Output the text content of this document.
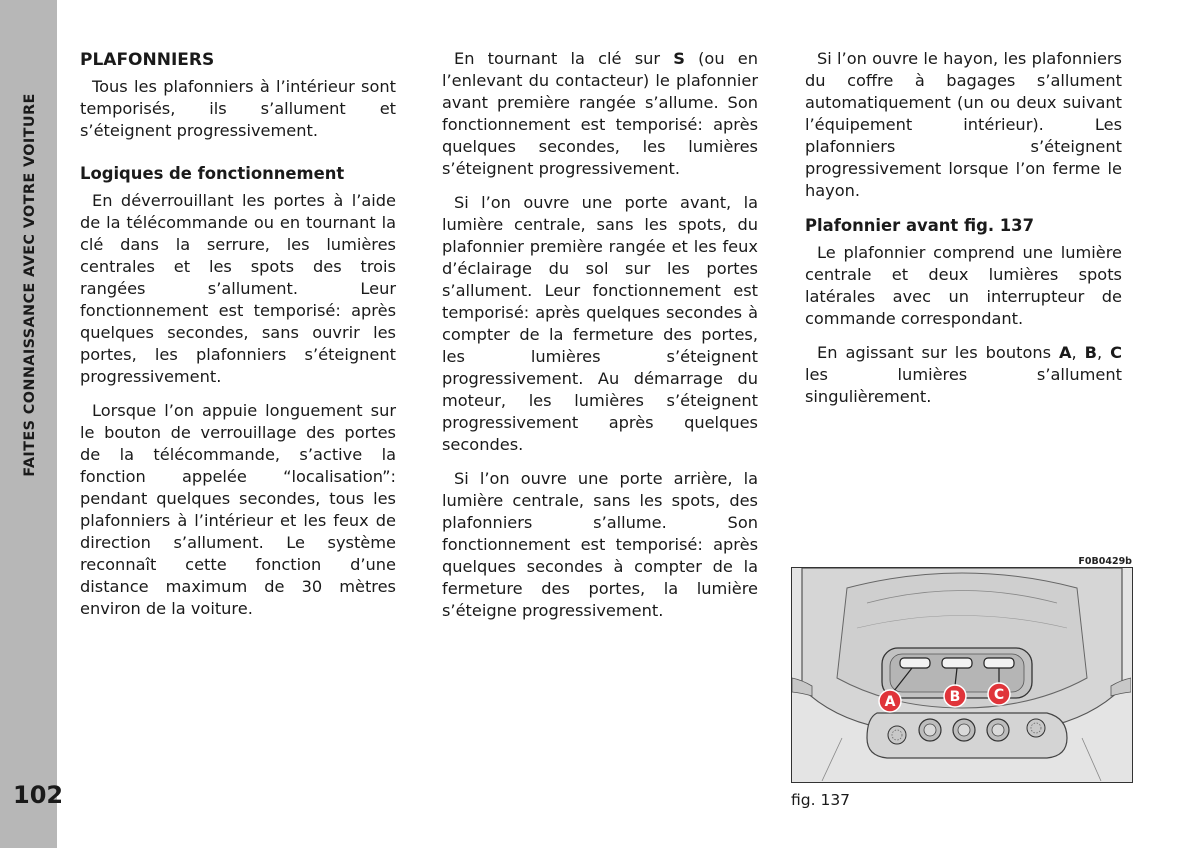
FAITES CONNAISSANCE AVEC VOTRE VOITURE
102
PLAFONNIERS

Tous les plafonniers à l’intérieur sont temporisés, ils s’allument et s’éteignent progressivement.

Logiques de fonctionnement

En déverrouillant les portes à l’aide de la télécommande ou en tournant la clé dans la serrure, les lumières centrales et les spots des trois rangées s’allument. Leur fonctionnement est temporisé: après quelques secondes, sans ouvrir les portes, les plafonniers s’éteignent progressivement.

Lorsque l’on appuie longuement sur le bouton de verrouillage des portes de la télécommande, s’active la fonction appelée “localisation”: pendant quelques secondes, tous les plafonniers à l’intérieur et les feux de direction s’allument. Le système reconnaît cette fonction d’une distance maximum de 30 mètres environ de la voiture.

En tournant la clé sur S (ou en l’enlevant du contacteur) le plafonnier avant première rangée s’allume. Son fonctionnement est temporisé: après quelques secondes, les lumières s’éteignent progressivement.

Si l’on ouvre une porte avant, la lumière centrale, sans les spots, du plafonnier première rangée et les feux d’éclairage du sol sur les portes s’allument. Leur fonctionnement est temporisé: après quelques secondes à compter de la fermeture des portes, les lumières s’éteignent progressivement. Au démarrage du moteur, les lumières s’éteignent progressivement après quelques secondes.

Si l’on ouvre une porte arrière, la lumière centrale, sans les spots, des plafonniers s’allume. Son fonctionnement est temporisé: après quelques secondes à compter de la fermeture des portes, la lumière s’éteigne progressivement.

Si l’on ouvre le hayon, les plafonniers du coffre à bagages s’allument automatiquement (un ou deux suivant l’équipement intérieur). Les plafonniers s’éteignent progressivement lorsque l’on ferme le hayon.

Plafonnier avant fig. 137

Le plafonnier comprend une lumière centrale et deux lumières spots latérales avec un interrupteur de commande correspondant.

En agissant sur les boutons A, B, C les lumières s’allument singulièrement.

F0B0429b
A	B C
fig. 137
